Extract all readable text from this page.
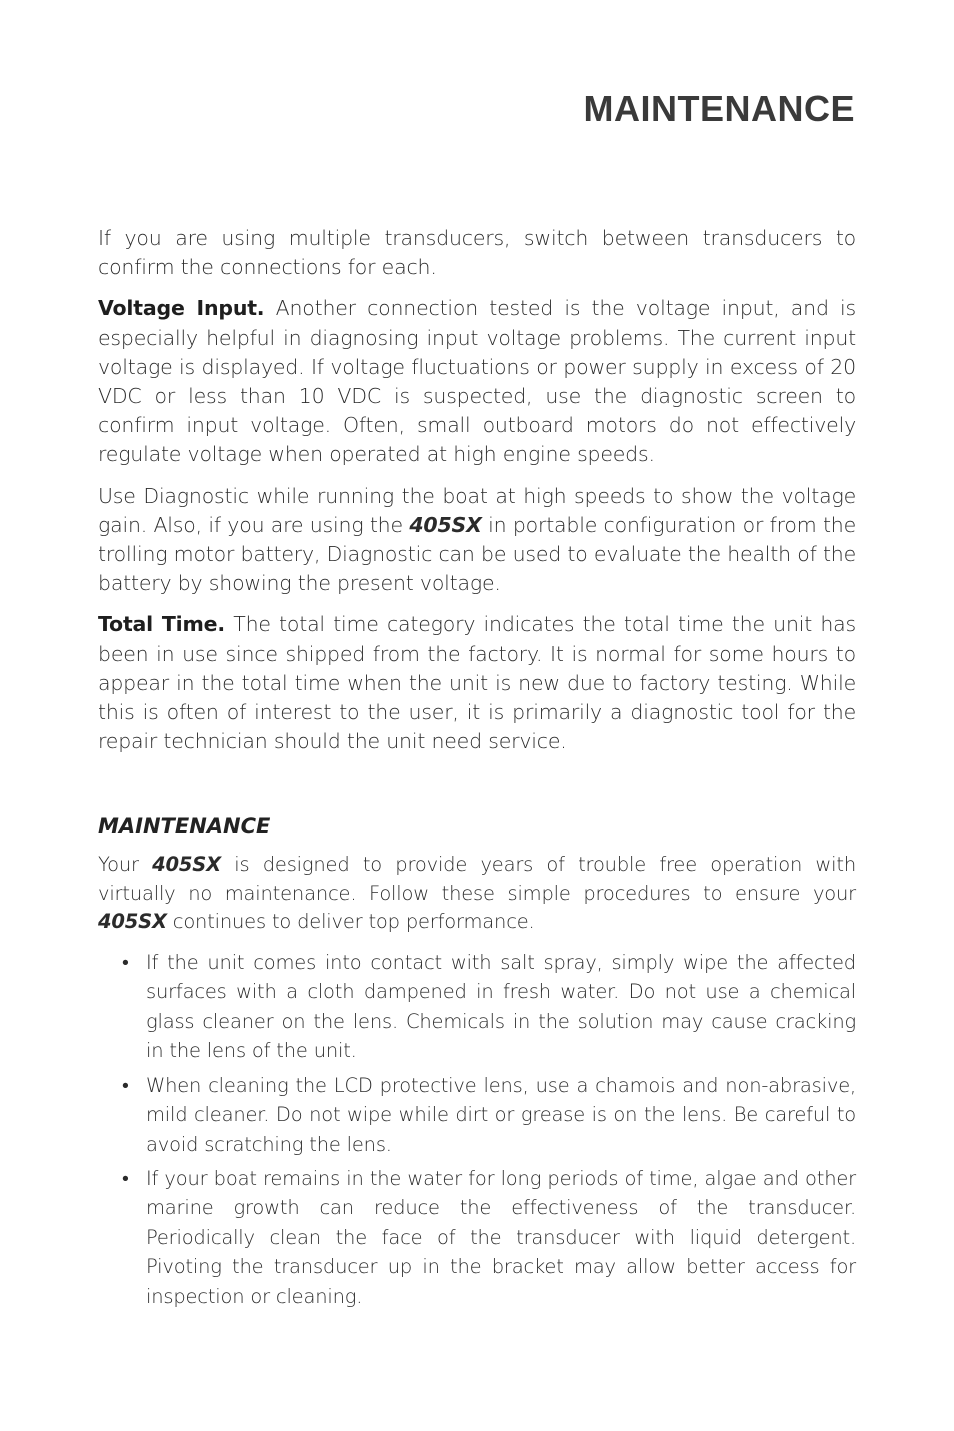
MAINTENANCE

If you are using multiple transducers, switch between transducers to confirm the connections for each.

Voltage Input. Another connection tested is the voltage input, and is especially helpful in diagnosing input voltage problems. The current input voltage is displayed. If voltage fluctuations or power supply in excess of 20 VDC or less than 10 VDC is suspected, use the diagnostic screen to confirm input voltage. Often, small outboard motors do not effectively regulate voltage when operated at high engine speeds.

Use Diagnostic while running the boat at high speeds to show the voltage gain. Also, if you are using the 405SX in portable configuration or from the trolling motor battery, Diagnostic can be used to evaluate the health of the battery by showing the present voltage.

Total Time. The total time category indicates the total time the unit has been in use since shipped from the factory. It is normal for some hours to appear in the total time when the unit is new due to factory testing. While this is often of interest to the user, it is primarily a diagnostic tool for the repair technician should the unit need service.

MAINTENANCE

Your 405SX is designed to provide years of trouble free operation with virtually no maintenance. Follow these simple procedures to ensure your 405SX continues to deliver top performance.

• If the unit comes into contact with salt spray, simply wipe the affected surfaces with a cloth dampened in fresh water. Do not use a chemical glass cleaner on the lens. Chemicals in the solution may cause cracking in the lens of the unit.
• When cleaning the LCD protective lens, use a chamois and non-abrasive, mild cleaner. Do not wipe while dirt or grease is on the lens. Be careful to avoid scratching the lens.
• If your boat remains in the water for long periods of time, algae and other marine growth can reduce the effectiveness of the transducer. Periodically clean the face of the transducer with liquid detergent. Pivoting the transducer up in the bracket may allow better access for inspection or cleaning.
